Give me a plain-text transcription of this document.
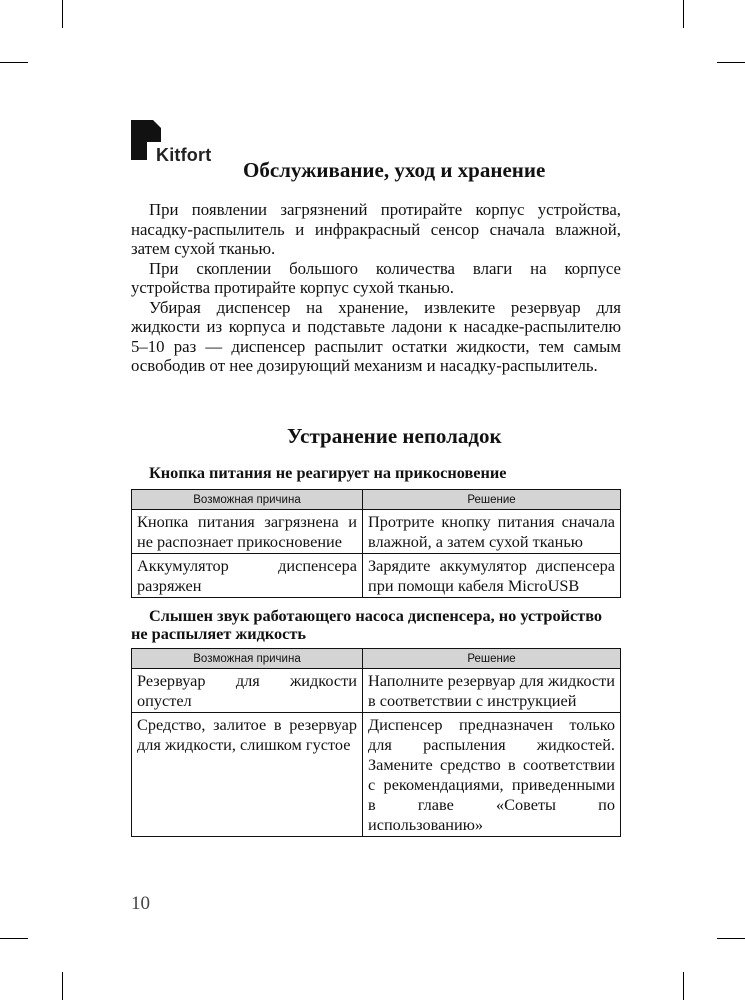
Kitfort
Обслуживание, уход и хранение

При появлении загрязнений протирайте корпус устройства, насадку-распылитель и инфракрасный сенсор сначала влажной, затем сухой тканью.

При скоплении большого количества влаги на корпусе устройства протирайте корпус сухой тканью.

Убирая диспенсер на хранение, извлеките резервуар для жидкости из корпуса и подставьте ладони к насадке-распылителю 5–10 раз — диспенсер распылит остатки жидкости, тем самым освободив от нее дозирующий механизм и насадку-распылитель.

Устранение неполадок

Кнопка питания не реагирует на прикосновение

Возможная причина	Решение
Кнопка питания загрязнена и не распознает прикосновение	Протрите кнопку питания сначала влажной, а затем сухой тканью
Аккумулятор диспенсера разряжен	Зарядите аккумулятор диспенсера при помощи кабеля MicroUSB

Слышен звук работающего насоса диспенсера, но устройство не распыляет жидкость

Возможная причина	Решение
Резервуар для жидкости опустел	Наполните резервуар для жидкости в соответствии с инструкцией
Средство, залитое в резервуар для жидкости, слишком густое	Диспенсер предназначен только для распыления жидкостей. Замените средство в соответствии с рекомендациями, приведенными в главе «Советы по использованию»
10
